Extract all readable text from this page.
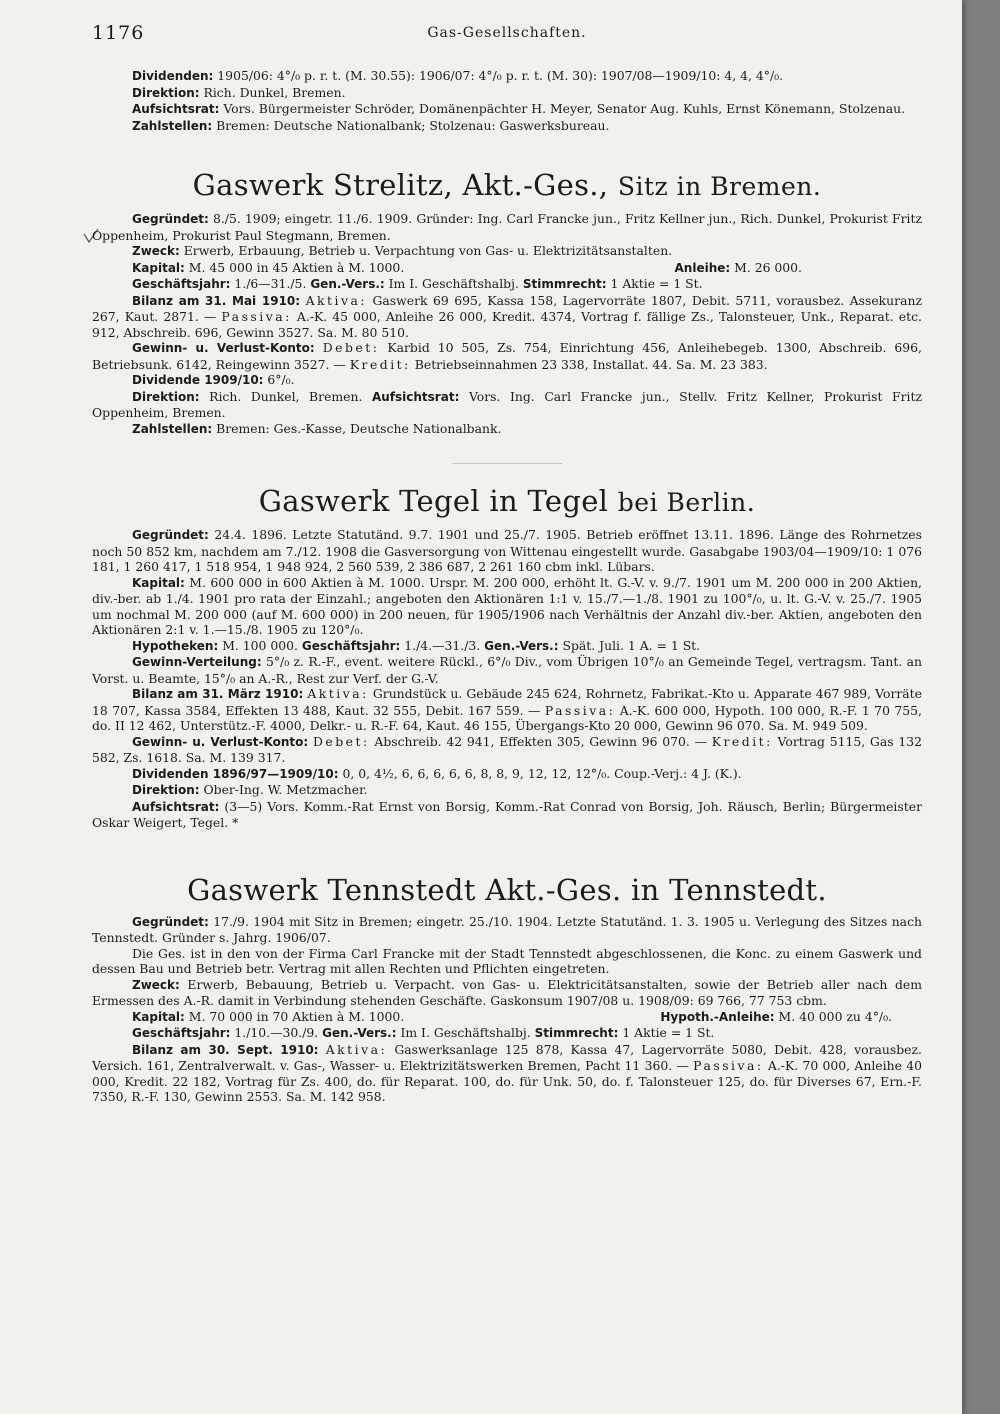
1176	Gas-Gesellschaften.

Dividenden: 1905/06: 4°/₀ p. r. t. (M. 30.55): 1906/07: 4°/₀ p. r. t. (M. 30): 1907/08—1909/10: 4, 4, 4°/₀.

Direktion: Rich. Dunkel, Bremen.

Aufsichtsrat: Vors. Bürgermeister Schröder, Domänenpächter H. Meyer, Senator Aug. Kuhls, Ernst Könemann, Stolzenau.

Zahlstellen: Bremen: Deutsche Nationalbank; Stolzenau: Gaswerksbureau.

Gaswerk Strelitz, Akt.-Ges., Sitz in Bremen.

Gegründet: 8./5. 1909; eingetr. 11./6. 1909. Gründer: Ing. Carl Francke jun., Fritz Kellner jun., Rich. Dunkel, Prokurist Fritz Oppenheim, Prokurist Paul Stegmann, Bremen.

Zweck: Erwerb, Erbauung, Betrieb u. Verpachtung von Gas- u. Elektrizitätsanstalten.

Kapital: M. 45 000 in 45 Aktien à M. 1000.	Anleihe: M. 26 000.

Geschäftsjahr: 1./6—31./5. Gen.-Vers.: Im I. Geschäftshalbj. Stimmrecht: 1 Aktie = 1 St.

Bilanz am 31. Mai 1910: Aktiva: Gaswerk 69 695, Kassa 158, Lagervorräte 1807, Debit. 5711, vorausbez. Assekuranz 267, Kaut. 2871. — Passiva: A.-K. 45 000, Anleihe 26 000, Kredit. 4374, Vortrag f. fällige Zs., Talonsteuer, Unk., Reparat. etc. 912, Abschreib. 696, Gewinn 3527. Sa. M. 80 510.

Gewinn- u. Verlust-Konto: Debet: Karbid 10 505, Zs. 754, Einrichtung 456, Anleihebegeb. 1300, Abschreib. 696, Betriebsunk. 6142, Reingewinn 3527. — Kredit: Betriebseinnahmen 23 338, Installat. 44. Sa. M. 23 383.

Dividende 1909/10: 6°/₀.

Direktion: Rich. Dunkel, Bremen. Aufsichtsrat: Vors. Ing. Carl Francke jun., Stellv. Fritz Kellner, Prokurist Fritz Oppenheim, Bremen.

Zahlstellen: Bremen: Ges.-Kasse, Deutsche Nationalbank.

Gaswerk Tegel in Tegel bei Berlin.

Gegründet: 24.4. 1896. Letzte Statutänd. 9.7. 1901 und 25./7. 1905. Betrieb eröffnet 13.11. 1896. Länge des Rohrnetzes noch 50 852 km, nachdem am 7./12. 1908 die Gasversorgung von Wittenau eingestellt wurde. Gasabgabe 1903/04—1909/10: 1 076 181, 1 260 417, 1 518 954, 1 948 924, 2 560 539, 2 386 687, 2 261 160 cbm inkl. Lübars.

Kapital: M. 600 000 in 600 Aktien à M. 1000. Urspr. M. 200 000, erhöht lt. G.-V. v. 9./7. 1901 um M. 200 000 in 200 Aktien, div.-ber. ab 1./4. 1901 pro rata der Einzahl.; angeboten den Aktionären 1:1 v. 15./7.—1./8. 1901 zu 100°/₀, u. lt. G.-V. v. 25./7. 1905 um nochmal M. 200 000 (auf M. 600 000) in 200 neuen, für 1905/1906 nach Verhältnis der Anzahl div.-ber. Aktien, angeboten den Aktionären 2:1 v. 1.—15./8. 1905 zu 120°/₀.

Hypotheken: M. 100 000. Geschäftsjahr: 1./4.—31./3. Gen.-Vers.: Spät. Juli. 1 A. = 1 St.

Gewinn-Verteilung: 5°/₀ z. R.-F., event. weitere Rückl., 6°/₀ Div., vom Übrigen 10°/₀ an Gemeinde Tegel, vertragsm. Tant. an Vorst. u. Beamte, 15°/₀ an A.-R., Rest zur Verf. der G.-V.

Bilanz am 31. März 1910: Aktiva: Grundstück u. Gebäude 245 624, Rohrnetz, Fabrikat.-Kto u. Apparate 467 989, Vorräte 18 707, Kassa 3584, Effekten 13 488, Kaut. 32 555, Debit. 167 559. — Passiva: A.-K. 600 000, Hypoth. 100 000, R.-F. 1 70 755, do. II 12 462, Unterstütz.-F. 4000, Delkr.- u. R.-F. 64, Kaut. 46 155, Übergangs-Kto 20 000, Gewinn 96 070. Sa. M. 949 509.

Gewinn- u. Verlust-Konto: Debet: Abschreib. 42 941, Effekten 305, Gewinn 96 070. — Kredit: Vortrag 5115, Gas 132 582, Zs. 1618. Sa. M. 139 317.

Dividenden 1896/97—1909/10: 0, 0, 4½, 6, 6, 6, 6, 6, 8, 8, 9, 12, 12, 12°/₀. Coup.-Verj.: 4 J. (K.).

Direktion: Ober-Ing. W. Metzmacher.

Aufsichtsrat: (3—5) Vors. Komm.-Rat Ernst von Borsig, Komm.-Rat Conrad von Borsig, Joh. Räusch, Berlin; Bürgermeister Oskar Weigert, Tegel. *

Gaswerk Tennstedt Akt.-Ges. in Tennstedt.

Gegründet: 17./9. 1904 mit Sitz in Bremen; eingetr. 25./10. 1904. Letzte Statutänd. 1. 3. 1905 u. Verlegung des Sitzes nach Tennstedt. Gründer s. Jahrg. 1906/07.

Die Ges. ist in den von der Firma Carl Francke mit der Stadt Tennstedt abgeschlossenen, die Konc. zu einem Gaswerk und dessen Bau und Betrieb betr. Vertrag mit allen Rechten und Pflichten eingetreten.

Zweck: Erwerb, Bebauung, Betrieb u. Verpacht. von Gas- u. Elektricitätsanstalten, sowie der Betrieb aller nach dem Ermessen des A.-R. damit in Verbindung stehenden Geschäfte. Gaskonsum 1907/08 u. 1908/09: 69 766, 77 753 cbm.

Kapital: M. 70 000 in 70 Aktien à M. 1000.	Hypoth.-Anleihe: M. 40 000 zu 4°/₀.

Geschäftsjahr: 1./10.—30./9. Gen.-Vers.: Im I. Geschäftshalbj. Stimmrecht: 1 Aktie = 1 St.

Bilanz am 30. Sept. 1910: Aktiva: Gaswerksanlage 125 878, Kassa 47, Lagervorräte 5080, Debit. 428, vorausbez. Versich. 161, Zentralverwalt. v. Gas-, Wasser- u. Elektrizitätswerken Bremen, Pacht 11 360. — Passiva: A.-K. 70 000, Anleihe 40 000, Kredit. 22 182, Vortrag für Zs. 400, do. für Reparat. 100, do. für Unk. 50, do. f. Talonsteuer 125, do. für Diverses 67, Ern.-F. 7350, R.-F. 130, Gewinn 2553. Sa. M. 142 958.
